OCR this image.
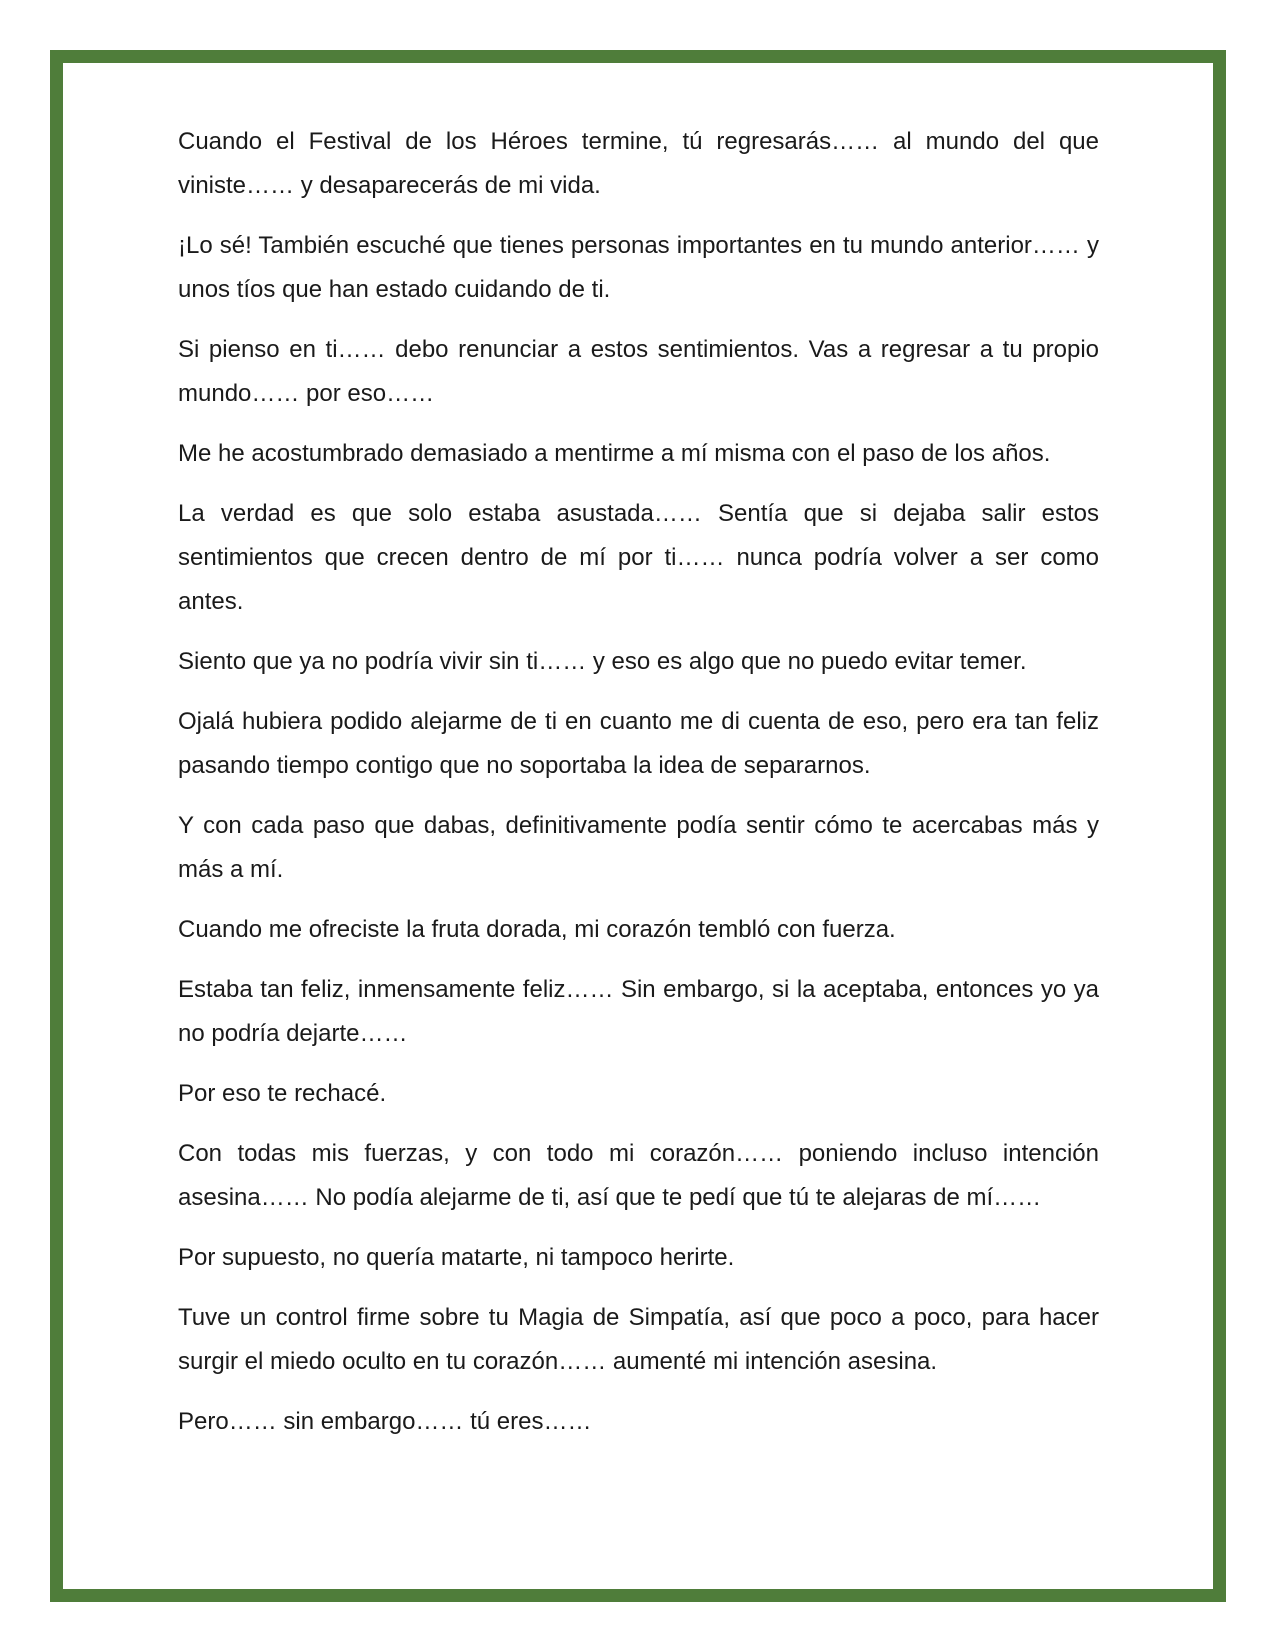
Cuando el Festival de los Héroes termine, tú regresarás…… al mundo del que viniste…… y desaparecerás de mi vida.

¡Lo sé! También escuché que tienes personas importantes en tu mundo anterior…… y unos tíos que han estado cuidando de ti.

Si pienso en ti…… debo renunciar a estos sentimientos. Vas a regresar a tu propio mundo…… por eso……

Me he acostumbrado demasiado a mentirme a mí misma con el paso de los años.

La verdad es que solo estaba asustada…… Sentía que si dejaba salir estos sentimientos que crecen dentro de mí por ti…… nunca podría volver a ser como antes.

Siento que ya no podría vivir sin ti…… y eso es algo que no puedo evitar temer.

Ojalá hubiera podido alejarme de ti en cuanto me di cuenta de eso, pero era tan feliz pasando tiempo contigo que no soportaba la idea de separarnos.

Y con cada paso que dabas, definitivamente podía sentir cómo te acercabas más y más a mí.

Cuando me ofreciste la fruta dorada, mi corazón tembló con fuerza.

Estaba tan feliz, inmensamente feliz…… Sin embargo, si la aceptaba, entonces yo ya no podría dejarte……

Por eso te rechacé.

Con todas mis fuerzas, y con todo mi corazón…… poniendo incluso intención asesina…… No podía alejarme de ti, así que te pedí que tú te alejaras de mí……

Por supuesto, no quería matarte, ni tampoco herirte.

Tuve un control firme sobre tu Magia de Simpatía, así que poco a poco, para hacer surgir el miedo oculto en tu corazón…… aumenté mi intención asesina.

Pero…… sin embargo…… tú eres……
